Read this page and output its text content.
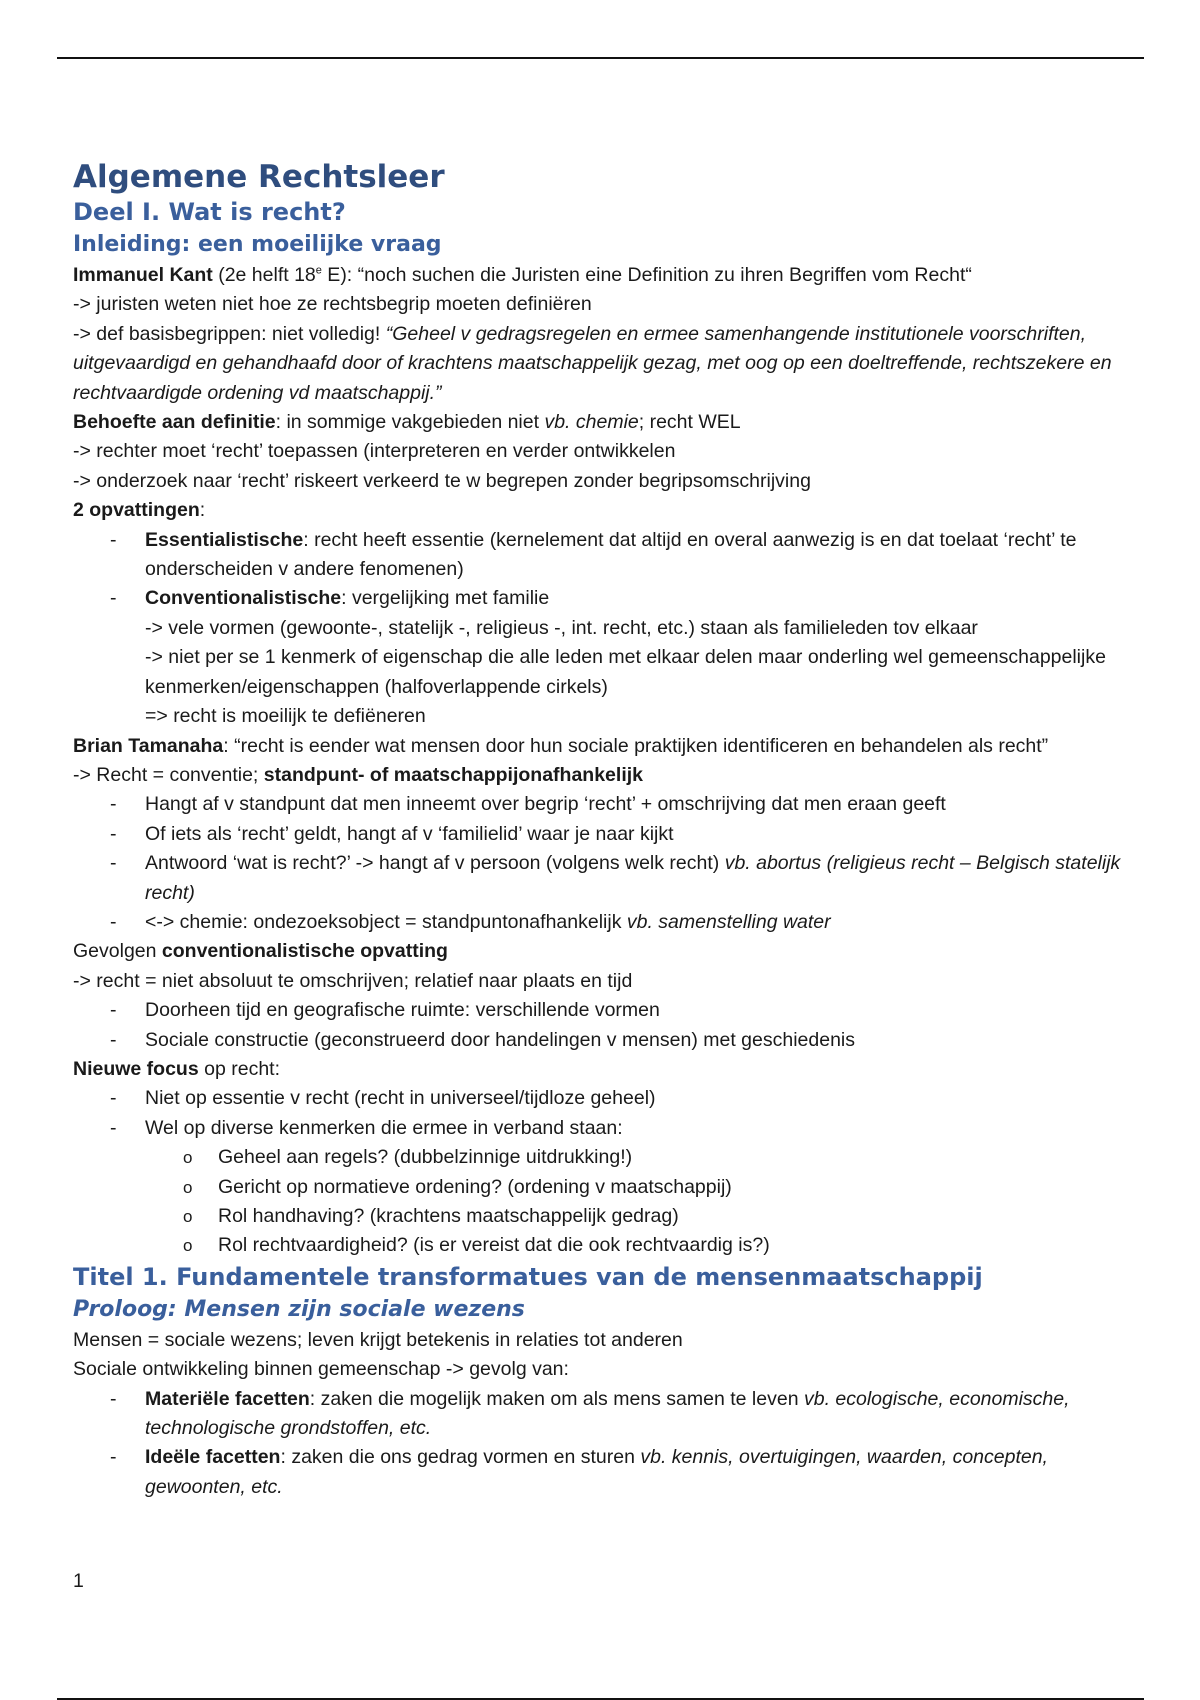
Algemene Rechtsleer
Deel I. Wat is recht?
Inleiding: een moeilijke vraag

Immanuel Kant (2e helft 18e E): “noch suchen die Juristen eine Definition zu ihren Begriffen vom Recht“

-> juristen weten niet hoe ze rechtsbegrip moeten definiëren

-> def basisbegrippen: niet volledig! “Geheel v gedragsregelen en ermee samenhangende institutionele voorschriften, uitgevaardigd en gehandhaafd door of krachtens maatschappelijk gezag, met oog op een doeltreffende, rechtszekere en rechtvaardigde ordening vd maatschappij.”

Behoefte aan definitie: in sommige vakgebieden niet vb. chemie; recht WEL

-> rechter moet ‘recht’ toepassen (interpreteren en verder ontwikkelen

-> onderzoek naar ‘recht’ riskeert verkeerd te w begrepen zonder begripsomschrijving

2 opvattingen:

- Essentialistische: recht heeft essentie (kernelement dat altijd en overal aanwezig is en dat toelaat ‘recht’ te onderscheiden v andere fenomenen)
- Conventionalistische: vergelijking met familie
-> vele vormen (gewoonte-, statelijk -, religieus -, int. recht, etc.) staan als familieleden tov elkaar
-> niet per se 1 kenmerk of eigenschap die alle leden met elkaar delen maar onderling wel gemeenschappelijke kenmerken/eigenschappen (halfoverlappende cirkels)
=> recht is moeilijk te defiëneren

Brian Tamanaha: “recht is eender wat mensen door hun sociale praktijken identificeren en behandelen als recht”

-> Recht = conventie; standpunt- of maatschappijonafhankelijk

- Hangt af v standpunt dat men inneemt over begrip ‘recht’ + omschrijving dat men eraan geeft
- Of iets als ‘recht’ geldt, hangt af v ‘familielid’ waar je naar kijkt
- Antwoord ‘wat is recht?’ -> hangt af v persoon (volgens welk recht) vb. abortus (religieus recht – Belgisch statelijk recht)
- <-> chemie: ondezoeksobject = standpuntonafhankelijk vb. samenstelling water

Gevolgen conventionalistische opvatting

-> recht = niet absoluut te omschrijven; relatief naar plaats en tijd

- Doorheen tijd en geografische ruimte: verschillende vormen
- Sociale constructie (geconstrueerd door handelingen v mensen) met geschiedenis

Nieuwe focus op recht:

- Niet op essentie v recht (recht in universeel/tijdloze geheel)
- Wel op diverse kenmerken die ermee in verband staan:
o Geheel aan regels? (dubbelzinnige uitdrukking!)
o Gericht op normatieve ordening? (ordening v maatschappij)
o Rol handhaving? (krachtens maatschappelijk gedrag)
o Rol rechtvaardigheid? (is er vereist dat die ook rechtvaardig is?)
Titel 1. Fundamentele transformatues van de mensenmaatschappij
Proloog: Mensen zijn sociale wezens

Mensen = sociale wezens; leven krijgt betekenis in relaties tot anderen

Sociale ontwikkeling binnen gemeenschap -> gevolg van:

- Materiële facetten: zaken die mogelijk maken om als mens samen te leven vb. ecologische, economische, technologische grondstoffen, etc.
- Ideële facetten: zaken die ons gedrag vormen en sturen vb. kennis, overtuigingen, waarden, concepten, gewoonten, etc.
1
